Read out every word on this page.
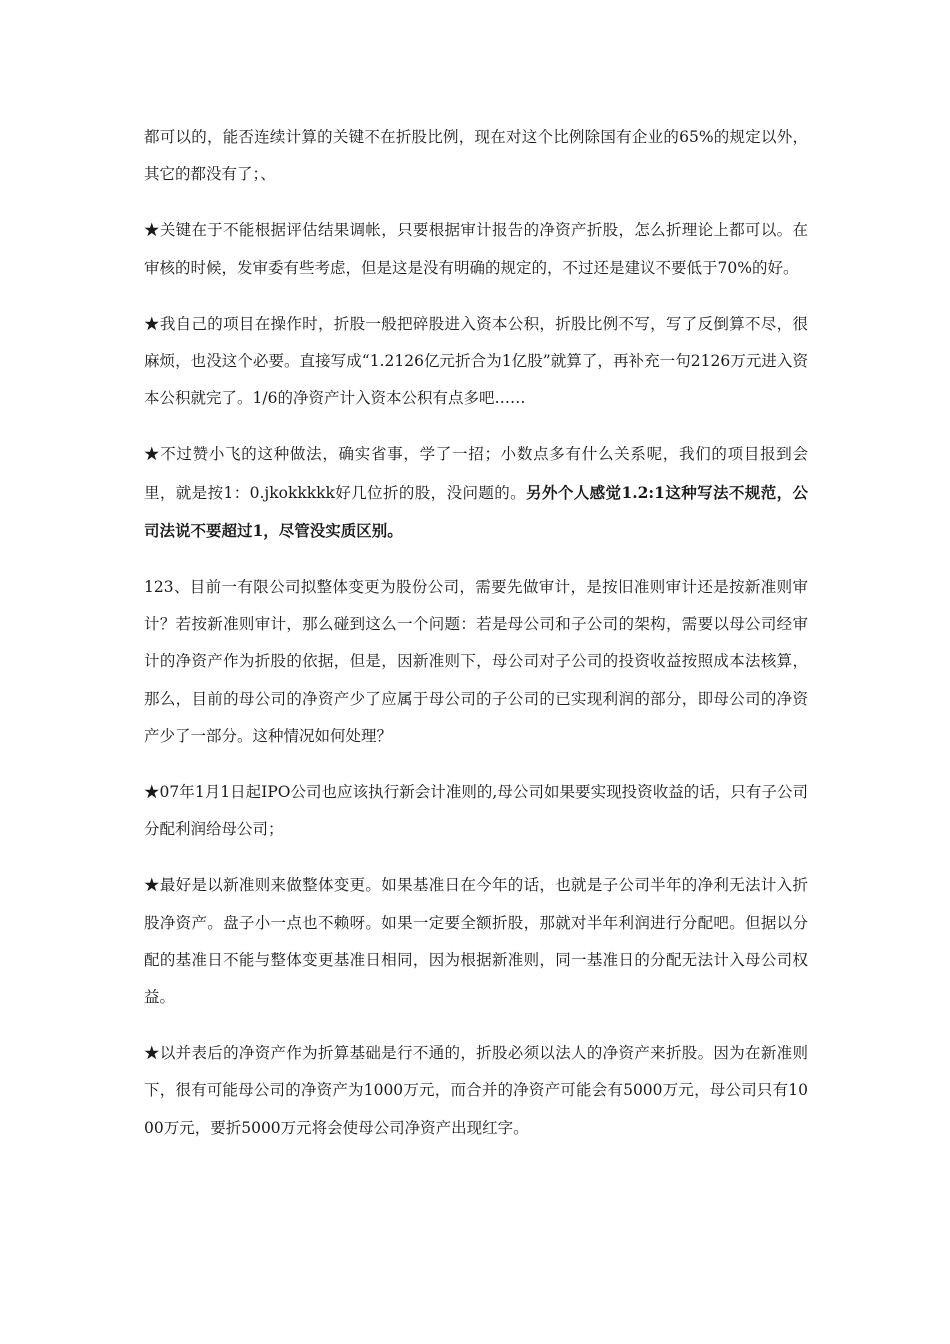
都可以的，能否连续计算的关键不在折股比例，现在对这个比例除国有企业的65%的规定以外，其它的都没有了；、

★关键在于不能根据评估结果调帐，只要根据审计报告的净资产折股，怎么折理论上都可以。在审核的时候，发审委有些考虑，但是这是没有明确的规定的，不过还是建议不要低于70%的好。

★我自己的项目在操作时，折股一般把碎股进入资本公积，折股比例不写，写了反倒算不尽，很麻烦，也没这个必要。直接写成“1.2126亿元折合为1亿股”就算了，再补充一句2126万元进入资本公积就完了。1/6的净资产计入资本公积有点多吧……

★不过赞小飞的这种做法，确实省事，学了一招；小数点多有什么关系呢，我们的项目报到会里，就是按1：0.jkokkkkk好几位折的股，没问题的。另外个人感觉1.2:1这种写法不规范，公司法说不要超过1，尽管没实质区别。

123、目前一有限公司拟整体变更为股份公司，需要先做审计，是按旧准则审计还是按新准则审计？若按新准则审计，那么碰到这么一个问题：若是母公司和子公司的架构，需要以母公司经审计的净资产作为折股的依据，但是，因新准则下，母公司对子公司的投资收益按照成本法核算，那么，目前的母公司的净资产少了应属于母公司的子公司的已实现利润的部分，即母公司的净资产少了一部分。这种情况如何处理？

★07年1月1日起IPO公司也应该执行新会计准则的,母公司如果要实现投资收益的话，只有子公司分配利润给母公司；

★最好是以新准则来做整体变更。如果基准日在今年的话，也就是子公司半年的净利无法计入折股净资产。盘子小一点也不赖呀。如果一定要全额折股，那就对半年利润进行分配吧。但据以分配的基准日不能与整体变更基准日相同，因为根据新准则，同一基准日的分配无法计入母公司权益。

★以并表后的净资产作为折算基础是行不通的，折股必须以法人的净资产来折股。因为在新准则下，很有可能母公司的净资产为1000万元，而合并的净资产可能会有5000万元，母公司只有1000万元，要折5000万元将会使母公司净资产出现红字。
